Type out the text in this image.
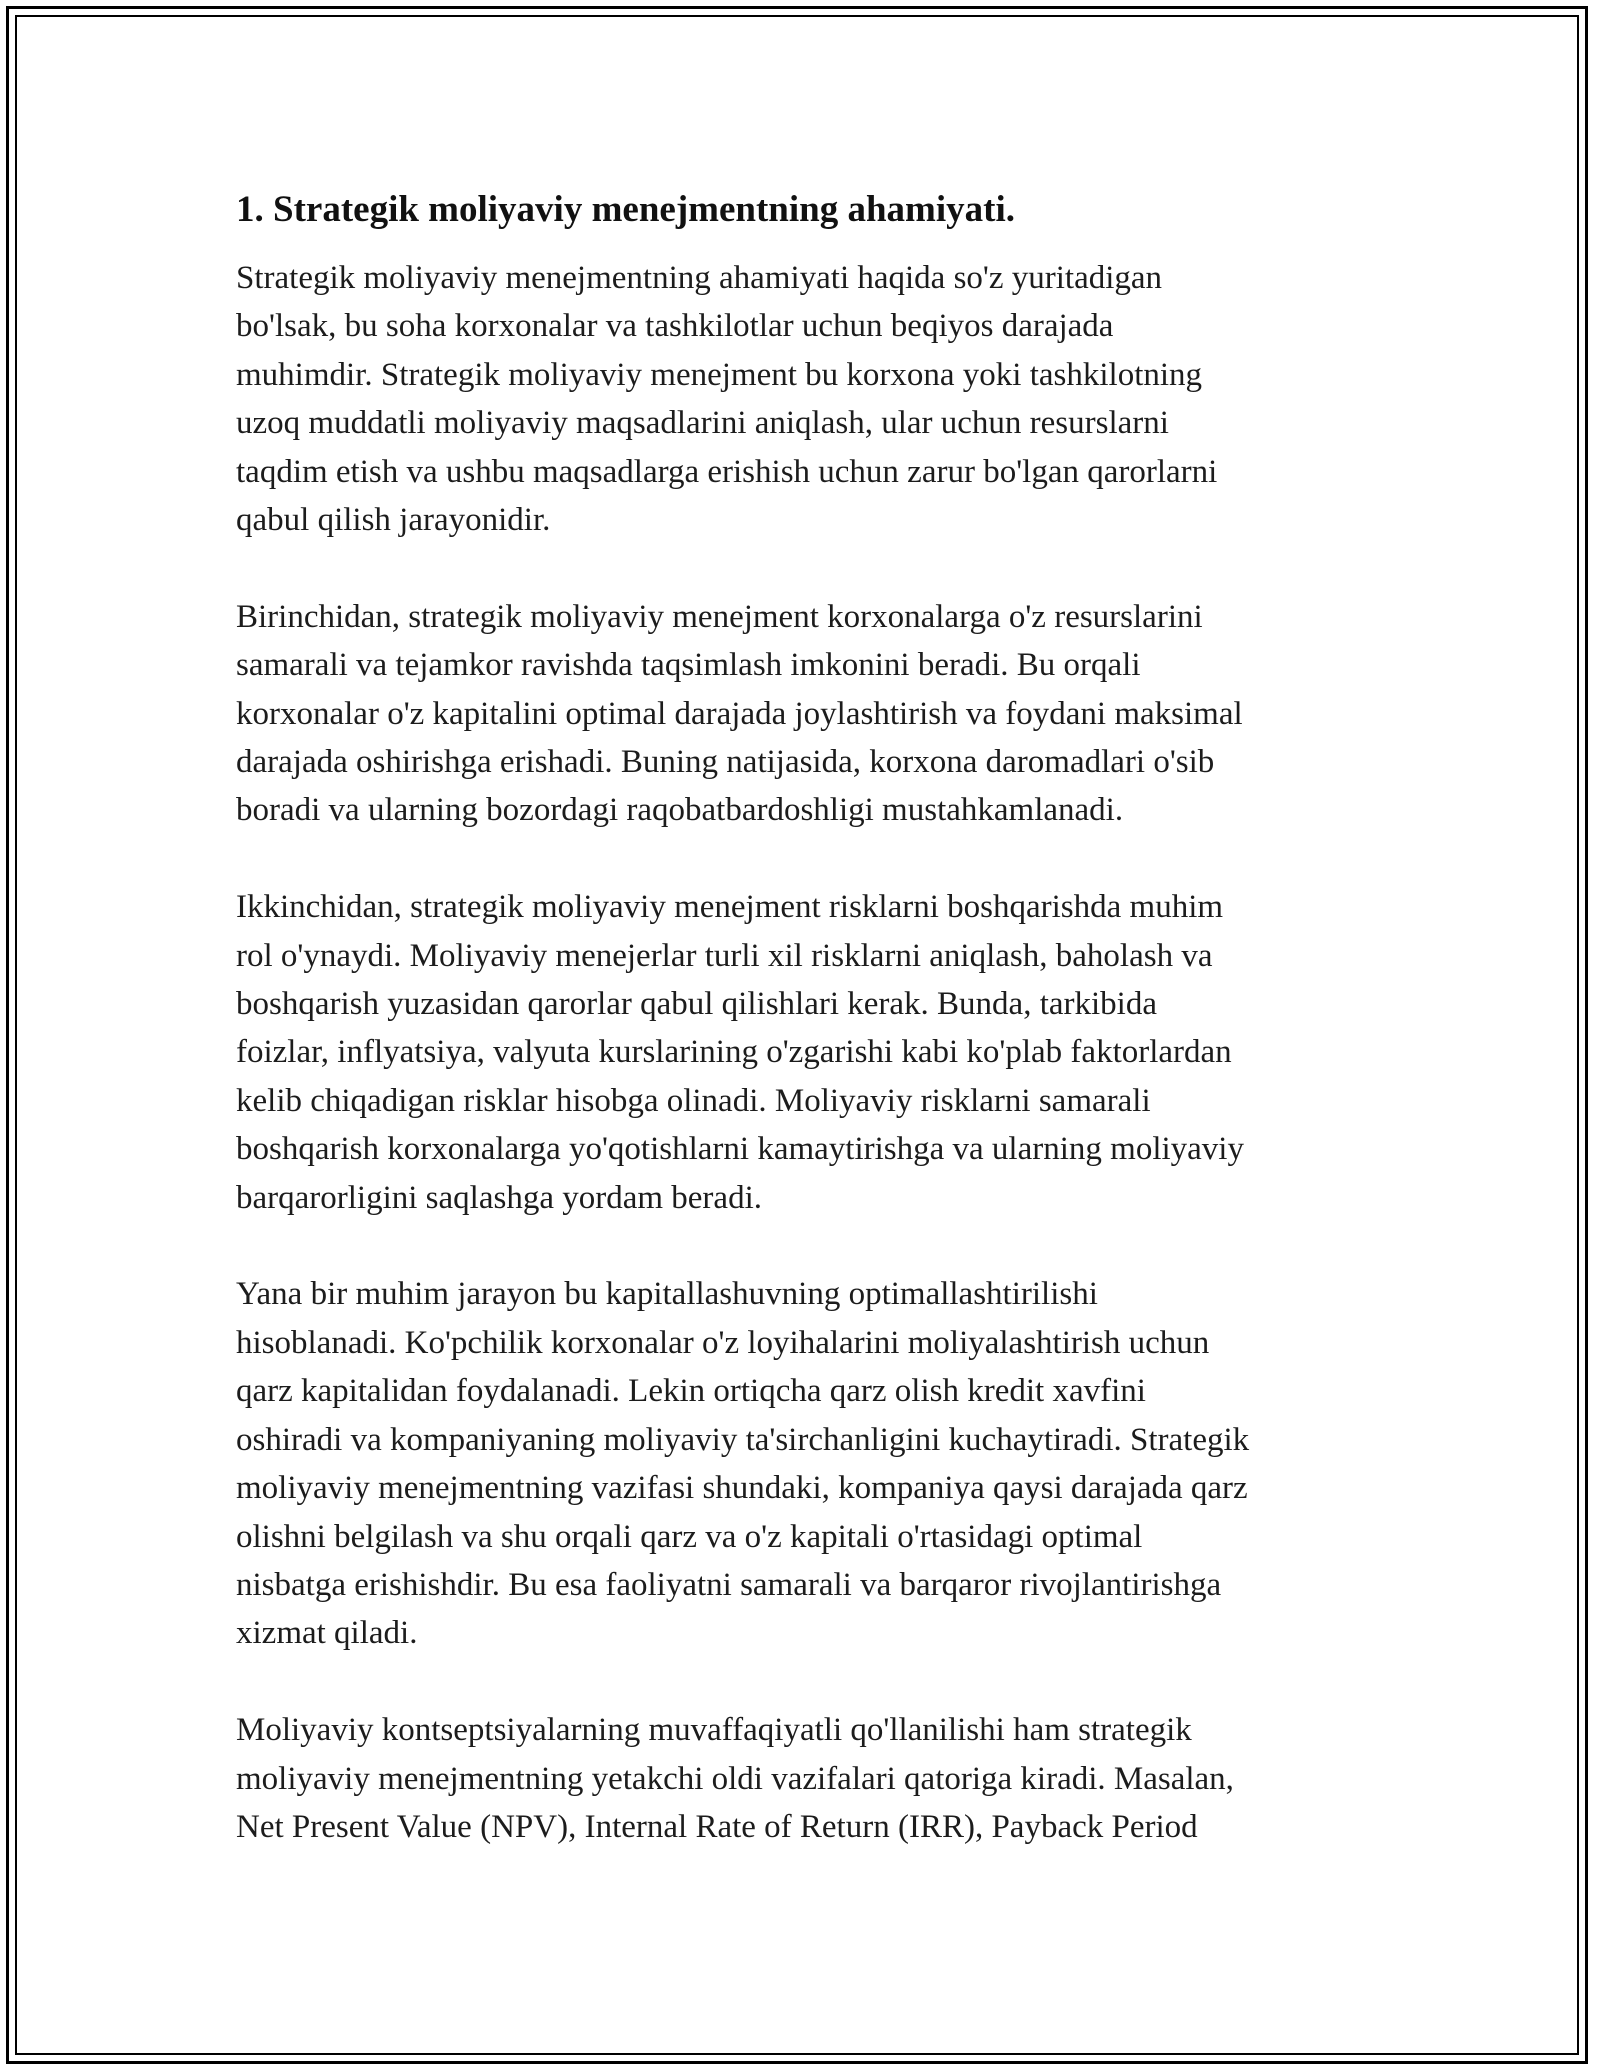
1. Strategik moliyaviy menejmentning ahamiyati.

Strategik moliyaviy menejmentning ahamiyati haqida so'z yuritadigan
bo'lsak, bu soha korxonalar va tashkilotlar uchun beqiyos darajada
muhimdir. Strategik moliyaviy menejment bu korxona yoki tashkilotning
uzoq muddatli moliyaviy maqsadlarini aniqlash, ular uchun resurslarni
taqdim etish va ushbu maqsadlarga erishish uchun zarur bo'lgan qarorlarni
qabul qilish jarayonidir.

Birinchidan, strategik moliyaviy menejment korxonalarga o'z resurslarini
samarali va tejamkor ravishda taqsimlash imkonini beradi. Bu orqali
korxonalar o'z kapitalini optimal darajada joylashtirish va foydani maksimal
darajada oshirishga erishadi. Buning natijasida, korxona daromadlari o'sib
boradi va ularning bozordagi raqobatbardoshligi mustahkamlanadi.

Ikkinchidan, strategik moliyaviy menejment risklarni boshqarishda muhim
rol o'ynaydi. Moliyaviy menejerlar turli xil risklarni aniqlash, baholash va
boshqarish yuzasidan qarorlar qabul qilishlari kerak. Bunda, tarkibida
foizlar, inflyatsiya, valyuta kurslarining o'zgarishi kabi ko'plab faktorlardan
kelib chiqadigan risklar hisobga olinadi. Moliyaviy risklarni samarali
boshqarish korxonalarga yo'qotishlarni kamaytirishga va ularning moliyaviy
barqarorligini saqlashga yordam beradi.

Yana bir muhim jarayon bu kapitallashuvning optimallashtirilishi
hisoblanadi. Ko'pchilik korxonalar o'z loyihalarini moliyalashtirish uchun
qarz kapitalidan foydalanadi. Lekin ortiqcha qarz olish kredit xavfini
oshiradi va kompaniyaning moliyaviy ta'sirchanligini kuchaytiradi. Strategik
moliyaviy menejmentning vazifasi shundaki, kompaniya qaysi darajada qarz
olishni belgilash va shu orqali qarz va o'z kapitali o'rtasidagi optimal
nisbatga erishishdir. Bu esa faoliyatni samarali va barqaror rivojlantirishga
xizmat qiladi.

Moliyaviy kontseptsiyalarning muvaffaqiyatli qo'llanilishi ham strategik
moliyaviy menejmentning yetakchi oldi vazifalari qatoriga kiradi. Masalan,
Net Present Value (NPV), Internal Rate of Return (IRR), Payback Period
